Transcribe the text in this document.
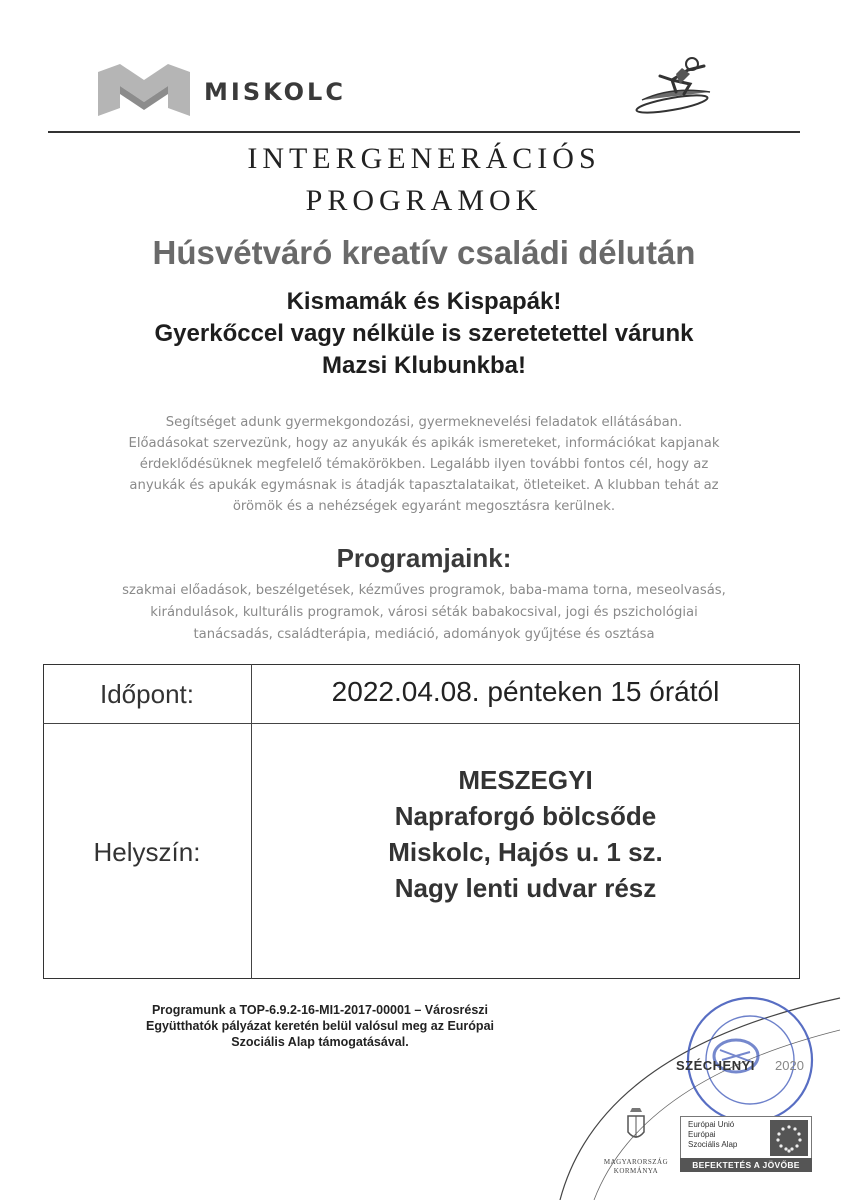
MISKOLC
INTERGENERÁCIÓS
PROGRAMOK
Húsvétváró kreatív családi délután
Kismamák és Kispapák!
Gyerkőccel vagy nélküle is szeretetettel várunk
Mazsi Klubunkba!
Segítséget adunk gyermekgondozási, gyermeknevelési feladatok ellátásában.
Előadásokat szervezünk, hogy az anyukák és apikák ismereteket, információkat kapjanak
érdeklődésüknek megfelelő témakörökben. Legalább ilyen további fontos cél, hogy az
anyukák és apukák egymásnak is átadják tapasztalataikat, ötleteiket. A klubban tehát az
örömök és a nehézségek egyaránt megosztásra kerülnek.
Programjaink:
szakmai előadások, beszélgetések, kézműves programok, baba-mama torna, meseolvasás,
kirándulások, kulturális programok, városi séták babakocsival, jogi és pszichológiai
tanácsadás, családterápia, mediáció, adományok gyűjtése és osztása
Időpont:	2022.04.08. pénteken 15 órától
Helyszín:
MESZEGYI
Napraforgó bölcsőde
Miskolc, Hajós u. 1 sz.
Nagy lenti udvar rész
Programunk a TOP-6.9.2-16-MI1-2017-00001 – Városrészi
Együtthatók pályázat keretén belül valósul meg az Európai
Szociális Alap támogatásával.
SZÉCHENYI 2020
MAGYARORSZÁG
KORMÁNYA
Európai Unió
Európai Szociális Alap
BEFEKTETÉS A JÖVŐBE
